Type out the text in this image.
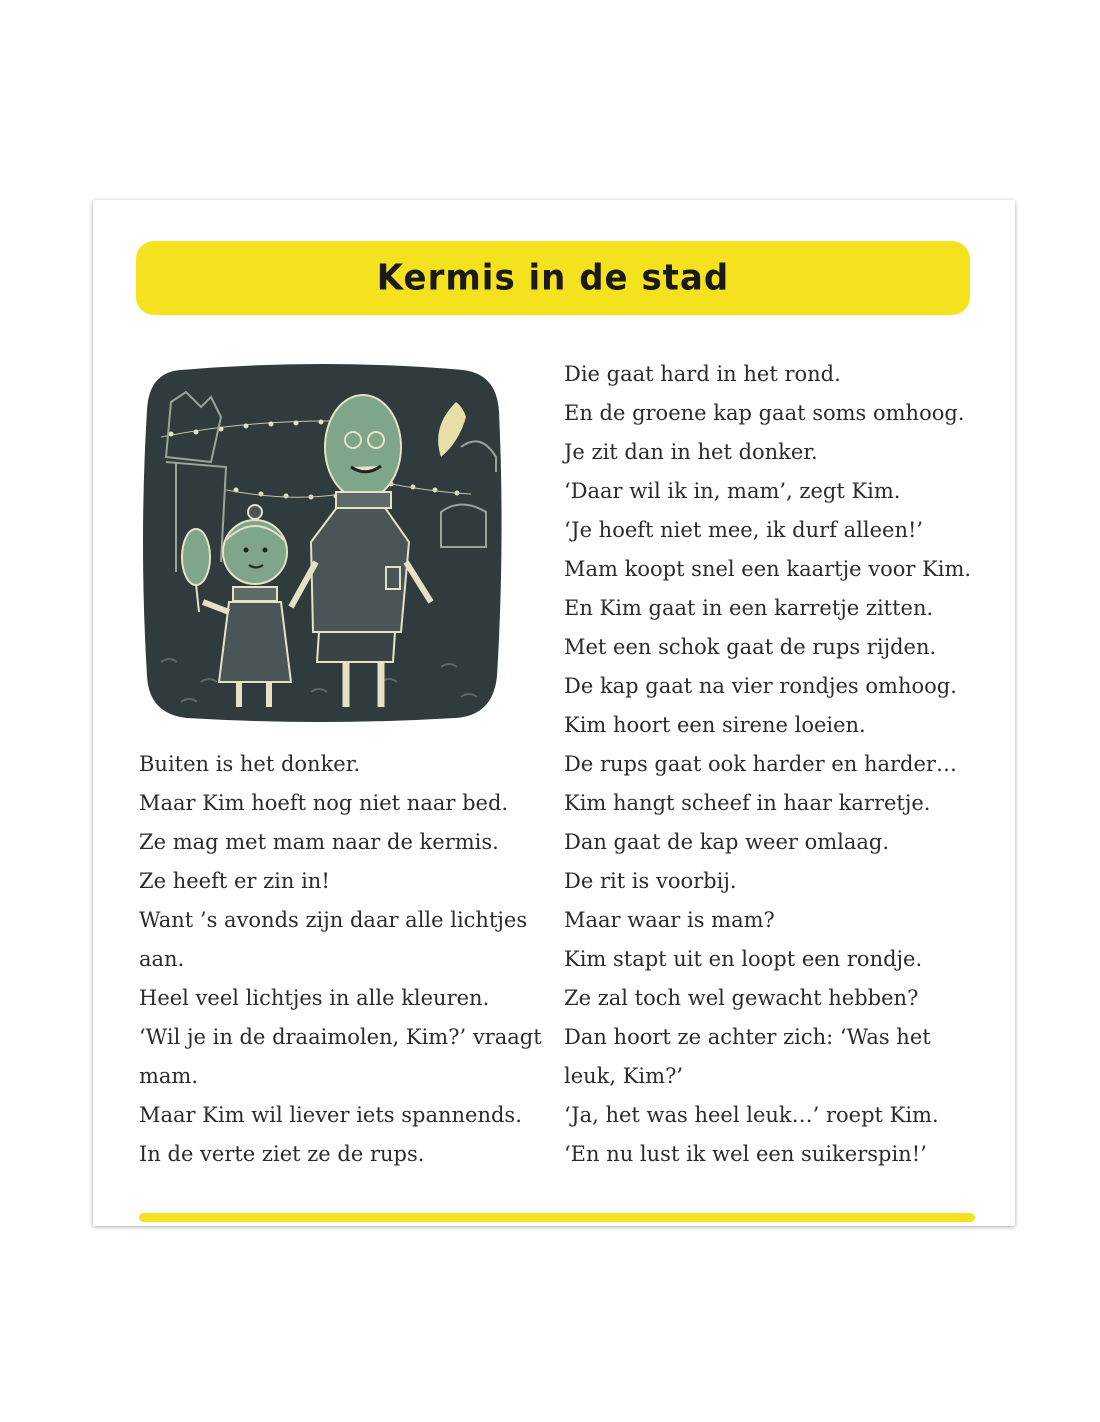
Kermis in de stad
Buiten is het donker.
Maar Kim hoeft nog niet naar bed.
Ze mag met mam naar de kermis.
Ze heeft er zin in!
Want ’s avonds zijn daar alle lichtjes
aan.
Heel veel lichtjes in alle kleuren.
‘Wil je in de draaimolen, Kim?’ vraagt
mam.
Maar Kim wil liever iets spannends.
In de verte ziet ze de rups.
Die gaat hard in het rond.
En de groene kap gaat soms omhoog.
Je zit dan in het donker.
‘Daar wil ik in, mam’, zegt Kim.
‘Je hoeft niet mee, ik durf alleen!’
Mam koopt snel een kaartje voor Kim.
En Kim gaat in een karretje zitten.
Met een schok gaat de rups rijden.
De kap gaat na vier rondjes omhoog.
Kim hoort een sirene loeien.
De rups gaat ook harder en harder…
Kim hangt scheef in haar karretje.
Dan gaat de kap weer omlaag.
De rit is voorbij.
Maar waar is mam?
Kim stapt uit en loopt een rondje.
Ze zal toch wel gewacht hebben?
Dan hoort ze achter zich: ‘Was het
leuk, Kim?’
‘Ja, het was heel leuk…’ roept Kim.
‘En nu lust ik wel een suikerspin!’
